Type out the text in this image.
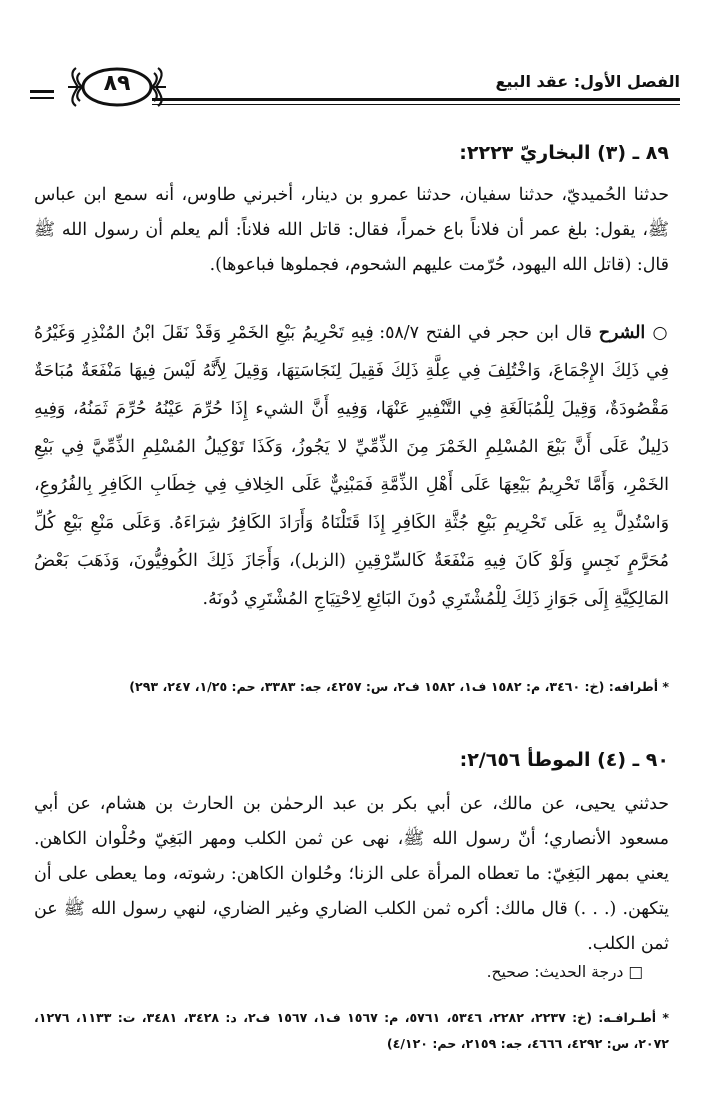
الفصل الأول: عقد البيع
٨٩
٨٩ ـ (٣) البخاريّ ٢٢٢٣:
حدثنا الحُميديّ، حدثنا سفيان، حدثنا عمرو بن دينار، أخبرني طاوس، أنه سمع ابن عباس ﷺ، يقول: بلغ عمر أن فلاناً باع خمراً، فقال: قاتل الله فلاناً: ألم يعلم أن رسول الله ﷺ قال: (قاتل الله اليهود، حُرّمت عليهم الشحوم، فجملوها فباعوها).
○ الشرح قال ابن حجر في الفتح ٥٨/٧: فِيهِ تَحْرِيمُ بَيْعِ الخَمْرِ وَقَدْ نَقَلَ ابْنُ المُنْذِرِ وَغَيْرُهُ فِي ذَلِكَ الإِجْمَاعَ، وَاخْتُلِفَ فِي عِلَّةِ ذَلِكَ فَقِيلَ لِنَجَاسَتِهَا، وَقِيلَ لِأَنَّهُ لَيْسَ فِيهَا مَنْفَعَةٌ مُبَاحَةٌ مَقْصُودَةٌ، وَقِيلَ لِلْمُبَالَغَةِ فِي التَّنْفِيرِ عَنْهَا، وَفِيهِ أَنَّ الشيء إِذَا حُرِّمَ عَيْنُهُ حُرِّمَ ثَمَنُهُ، وَفِيهِ دَلِيلٌ عَلَى أَنَّ بَيْعَ المُسْلِمِ الخَمْرَ مِنَ الذِّمِّيِّ لا يَجُوزُ، وَكَذَا تَوْكِيلُ المُسْلِمِ الذِّمِّيَّ فِي بَيْعِ الخَمْرِ، وَأَمَّا تَحْرِيمُ بَيْعِهَا عَلَى أَهْلِ الذِّمَّةِ فَمَبْنِيٌّ عَلَى الخِلافِ فِي خِطَابِ الكَافِرِ بِالفُرُوعِ، وَاسْتُدِلَّ بِهِ عَلَى تَحْرِيمِ بَيْعِ جُثَّةِ الكَافِرِ إِذَا قَتَلْنَاهُ وَأَرَادَ الكَافِرُ شِرَاءَهُ. وَعَلَى مَنْعِ بَيْعِ كُلِّ مُحَرَّمٍ نَجِسٍ وَلَوْ كَانَ فِيهِ مَنْفَعَةٌ كَالسِّرْقِينِ (الزبل)، وَأَجَازَ ذَلِكَ الكُوفِيُّونَ، وَذَهَبَ بَعْضُ المَالِكِيَّةِ إِلَى جَوَازِ ذَلِكَ لِلْمُشْتَرِي دُونَ البَائِعِ لِاحْتِيَاجِ المُشْتَرِي دُونَهُ.
* أطرافه: (خ: ٣٤٦٠، م: ١٥٨٢ ف١، ١٥٨٢ ف٢، س: ٤٢٥٧، جه: ٣٣٨٣، حم: ١/٢٥، ٢٤٧، ٢٩٣)
٩٠ ـ (٤) الموطأ ٢/٦٥٦:
حدثني يحيى، عن مالك، عن أبي بكر بن عبد الرحمٰن بن الحارث بن هشام، عن أبي مسعود الأنصاري؛ أنّ رسول الله ﷺ، نهى عن ثمن الكلب ومهر البَغِيّ وحُلْوان الكاهن. يعني بمهر البَغِيّ: ما تعطاه المرأة على الزنا؛ وحُلوان الكاهن: رشوته، وما يعطى على أن يتكهن. (. . .) قال مالك: أكره ثمن الكلب الضاري وغير الضاري، لنهي رسول الله ﷺ عن ثمن الكلب.
□ درجة الحديث: صحيح.
* أطـرافـه: (خ: ٢٢٣٧، ٢٢٨٢، ٥٣٤٦، ٥٧٦١، م: ١٥٦٧ ف١، ١٥٦٧ ف٢، د: ٣٤٢٨، ٣٤٨١، ت: ١١٣٣، ١٢٧٦، ٢٠٧٢، س: ٤٢٩٢، ٤٦٦٦، جه: ٢١٥٩، حم: ٤/١٢٠)
